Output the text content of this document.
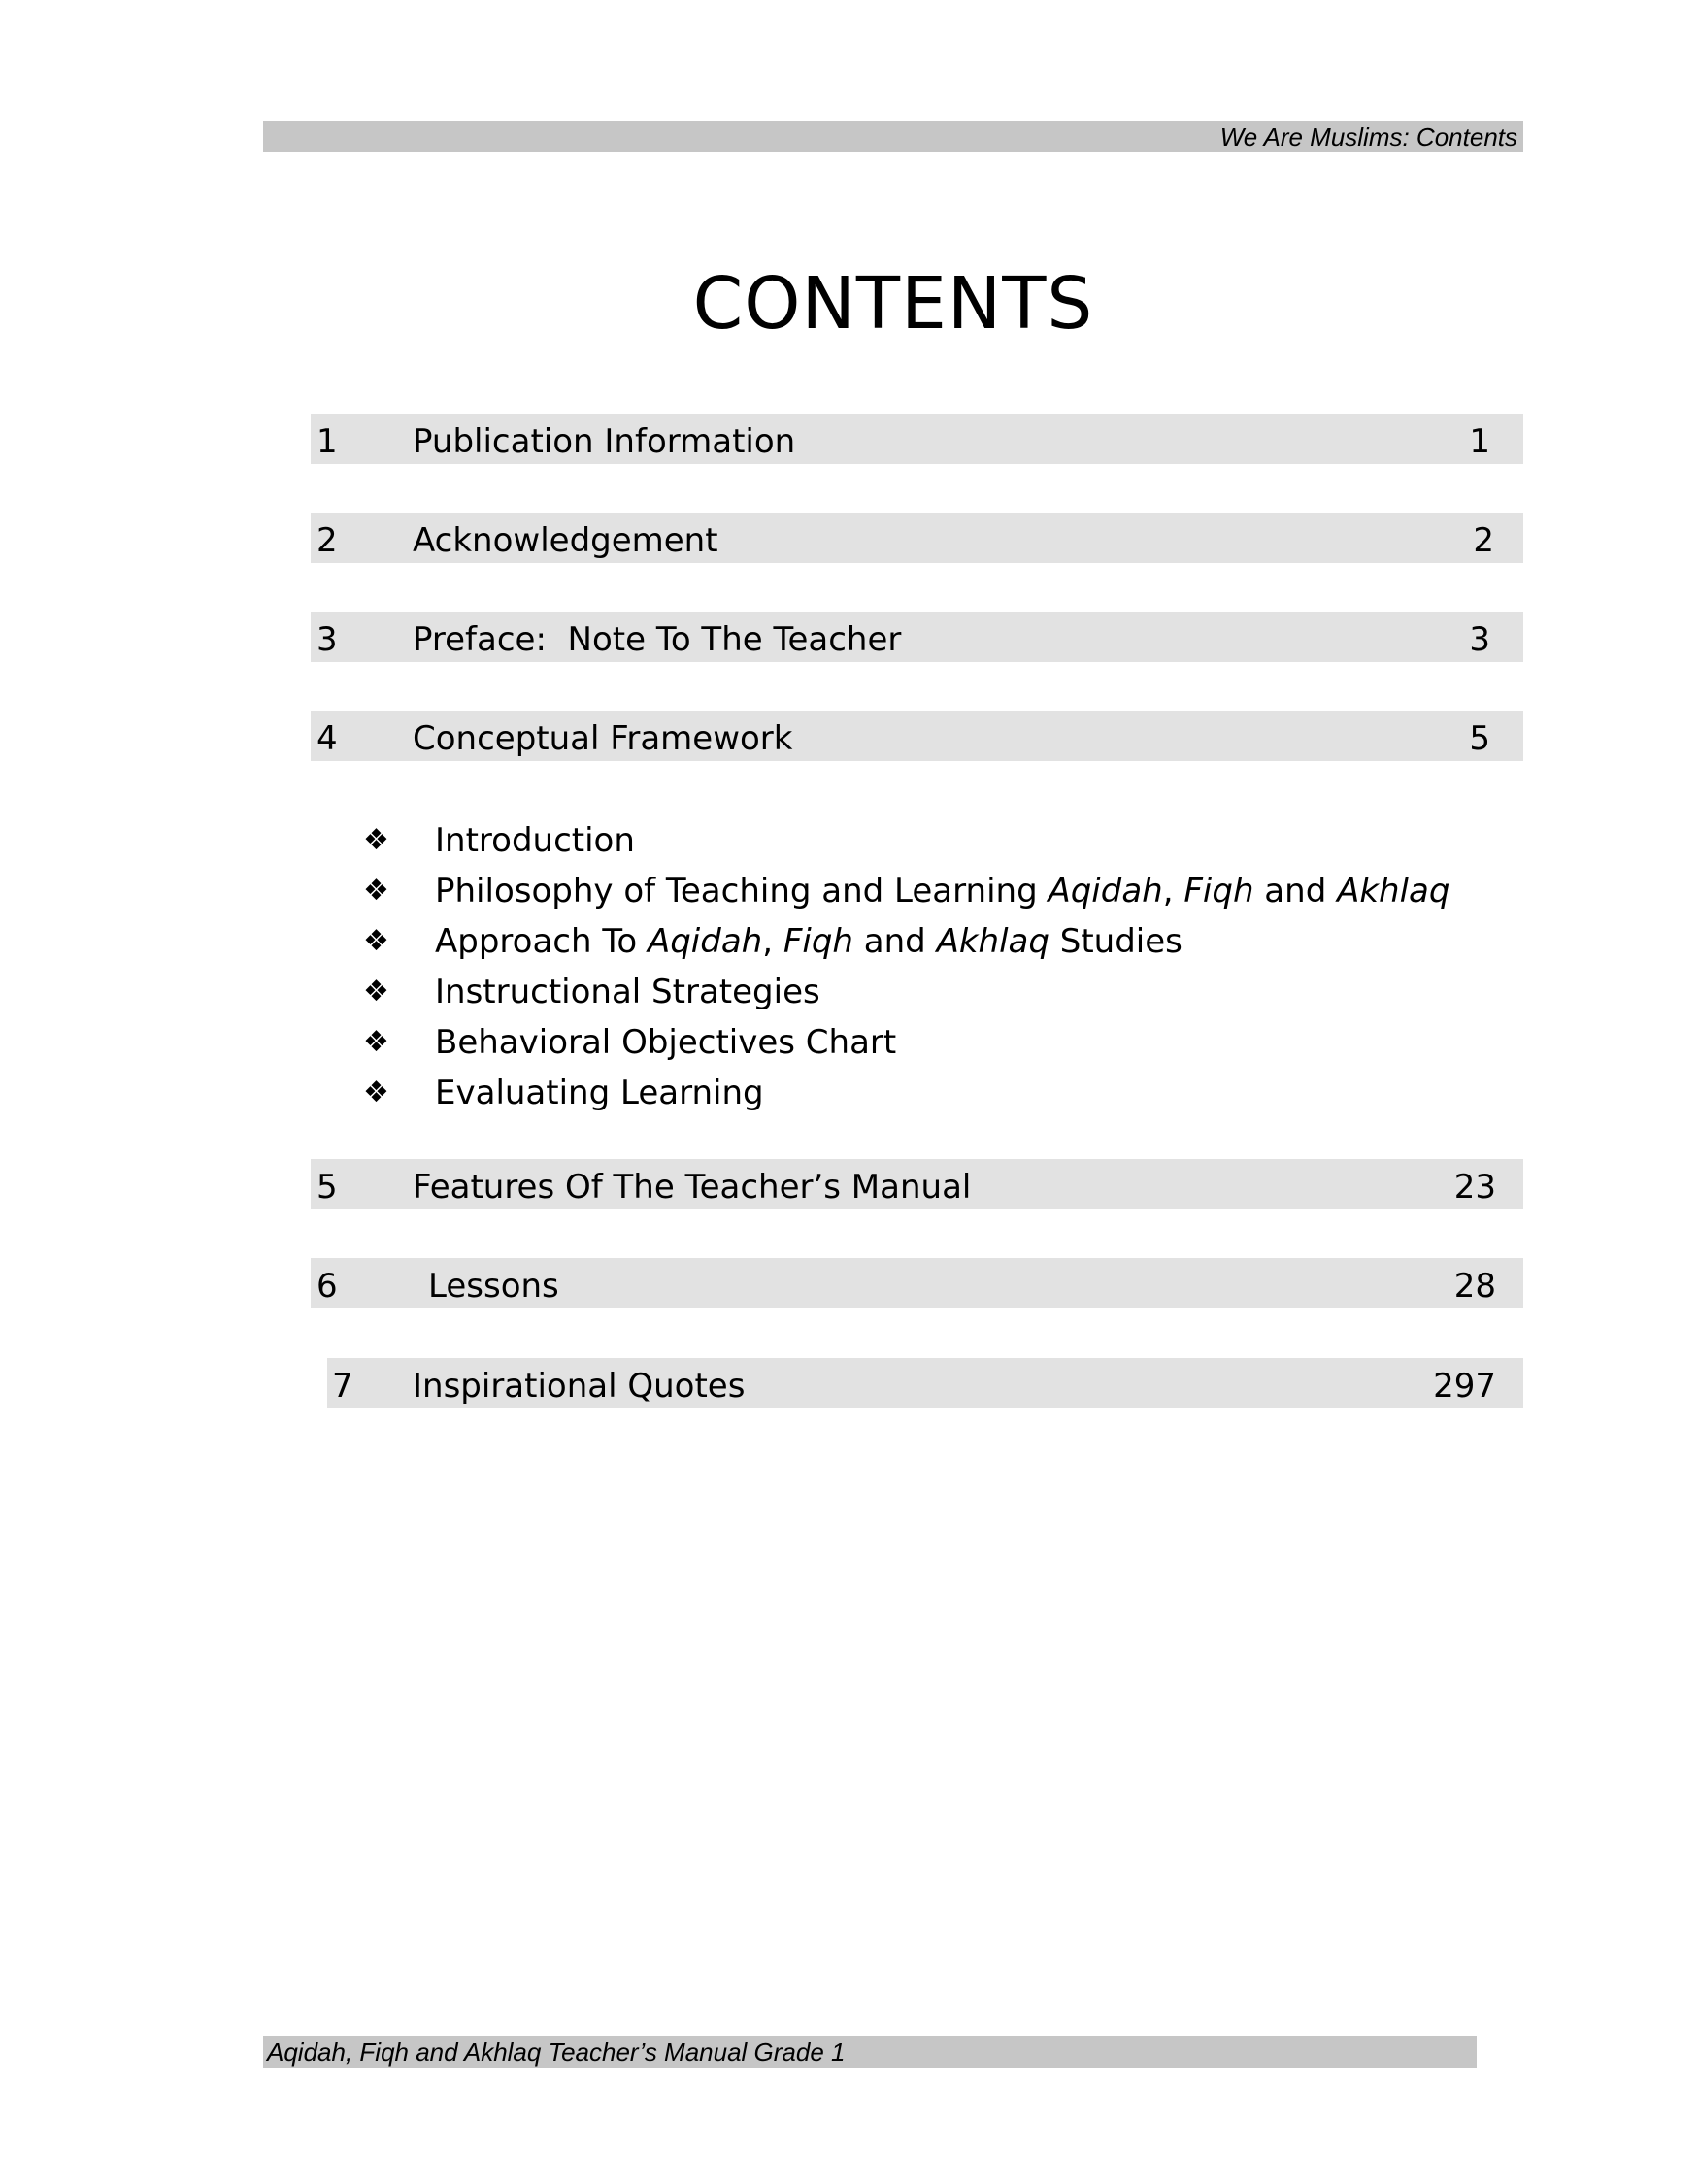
We Are Muslims: Contents
CONTENTS
1 Publication Information	1
2 Acknowledgement	2
3 Preface:  Note To The Teacher	3
4 Conceptual Framework	5
❖ Introduction
❖ Philosophy of Teaching and Learning Aqidah, Fiqh and Akhlaq
❖ Approach To Aqidah, Fiqh and Akhlaq Studies
❖ Instructional Strategies
❖ Behavioral Objectives Chart
❖ Evaluating Learning
5 Features Of The Teacher’s Manual	23
6	Lessons	28
7 Inspirational Quotes	297
Aqidah, Fiqh and Akhlaq Teacher’s Manual Grade 1
